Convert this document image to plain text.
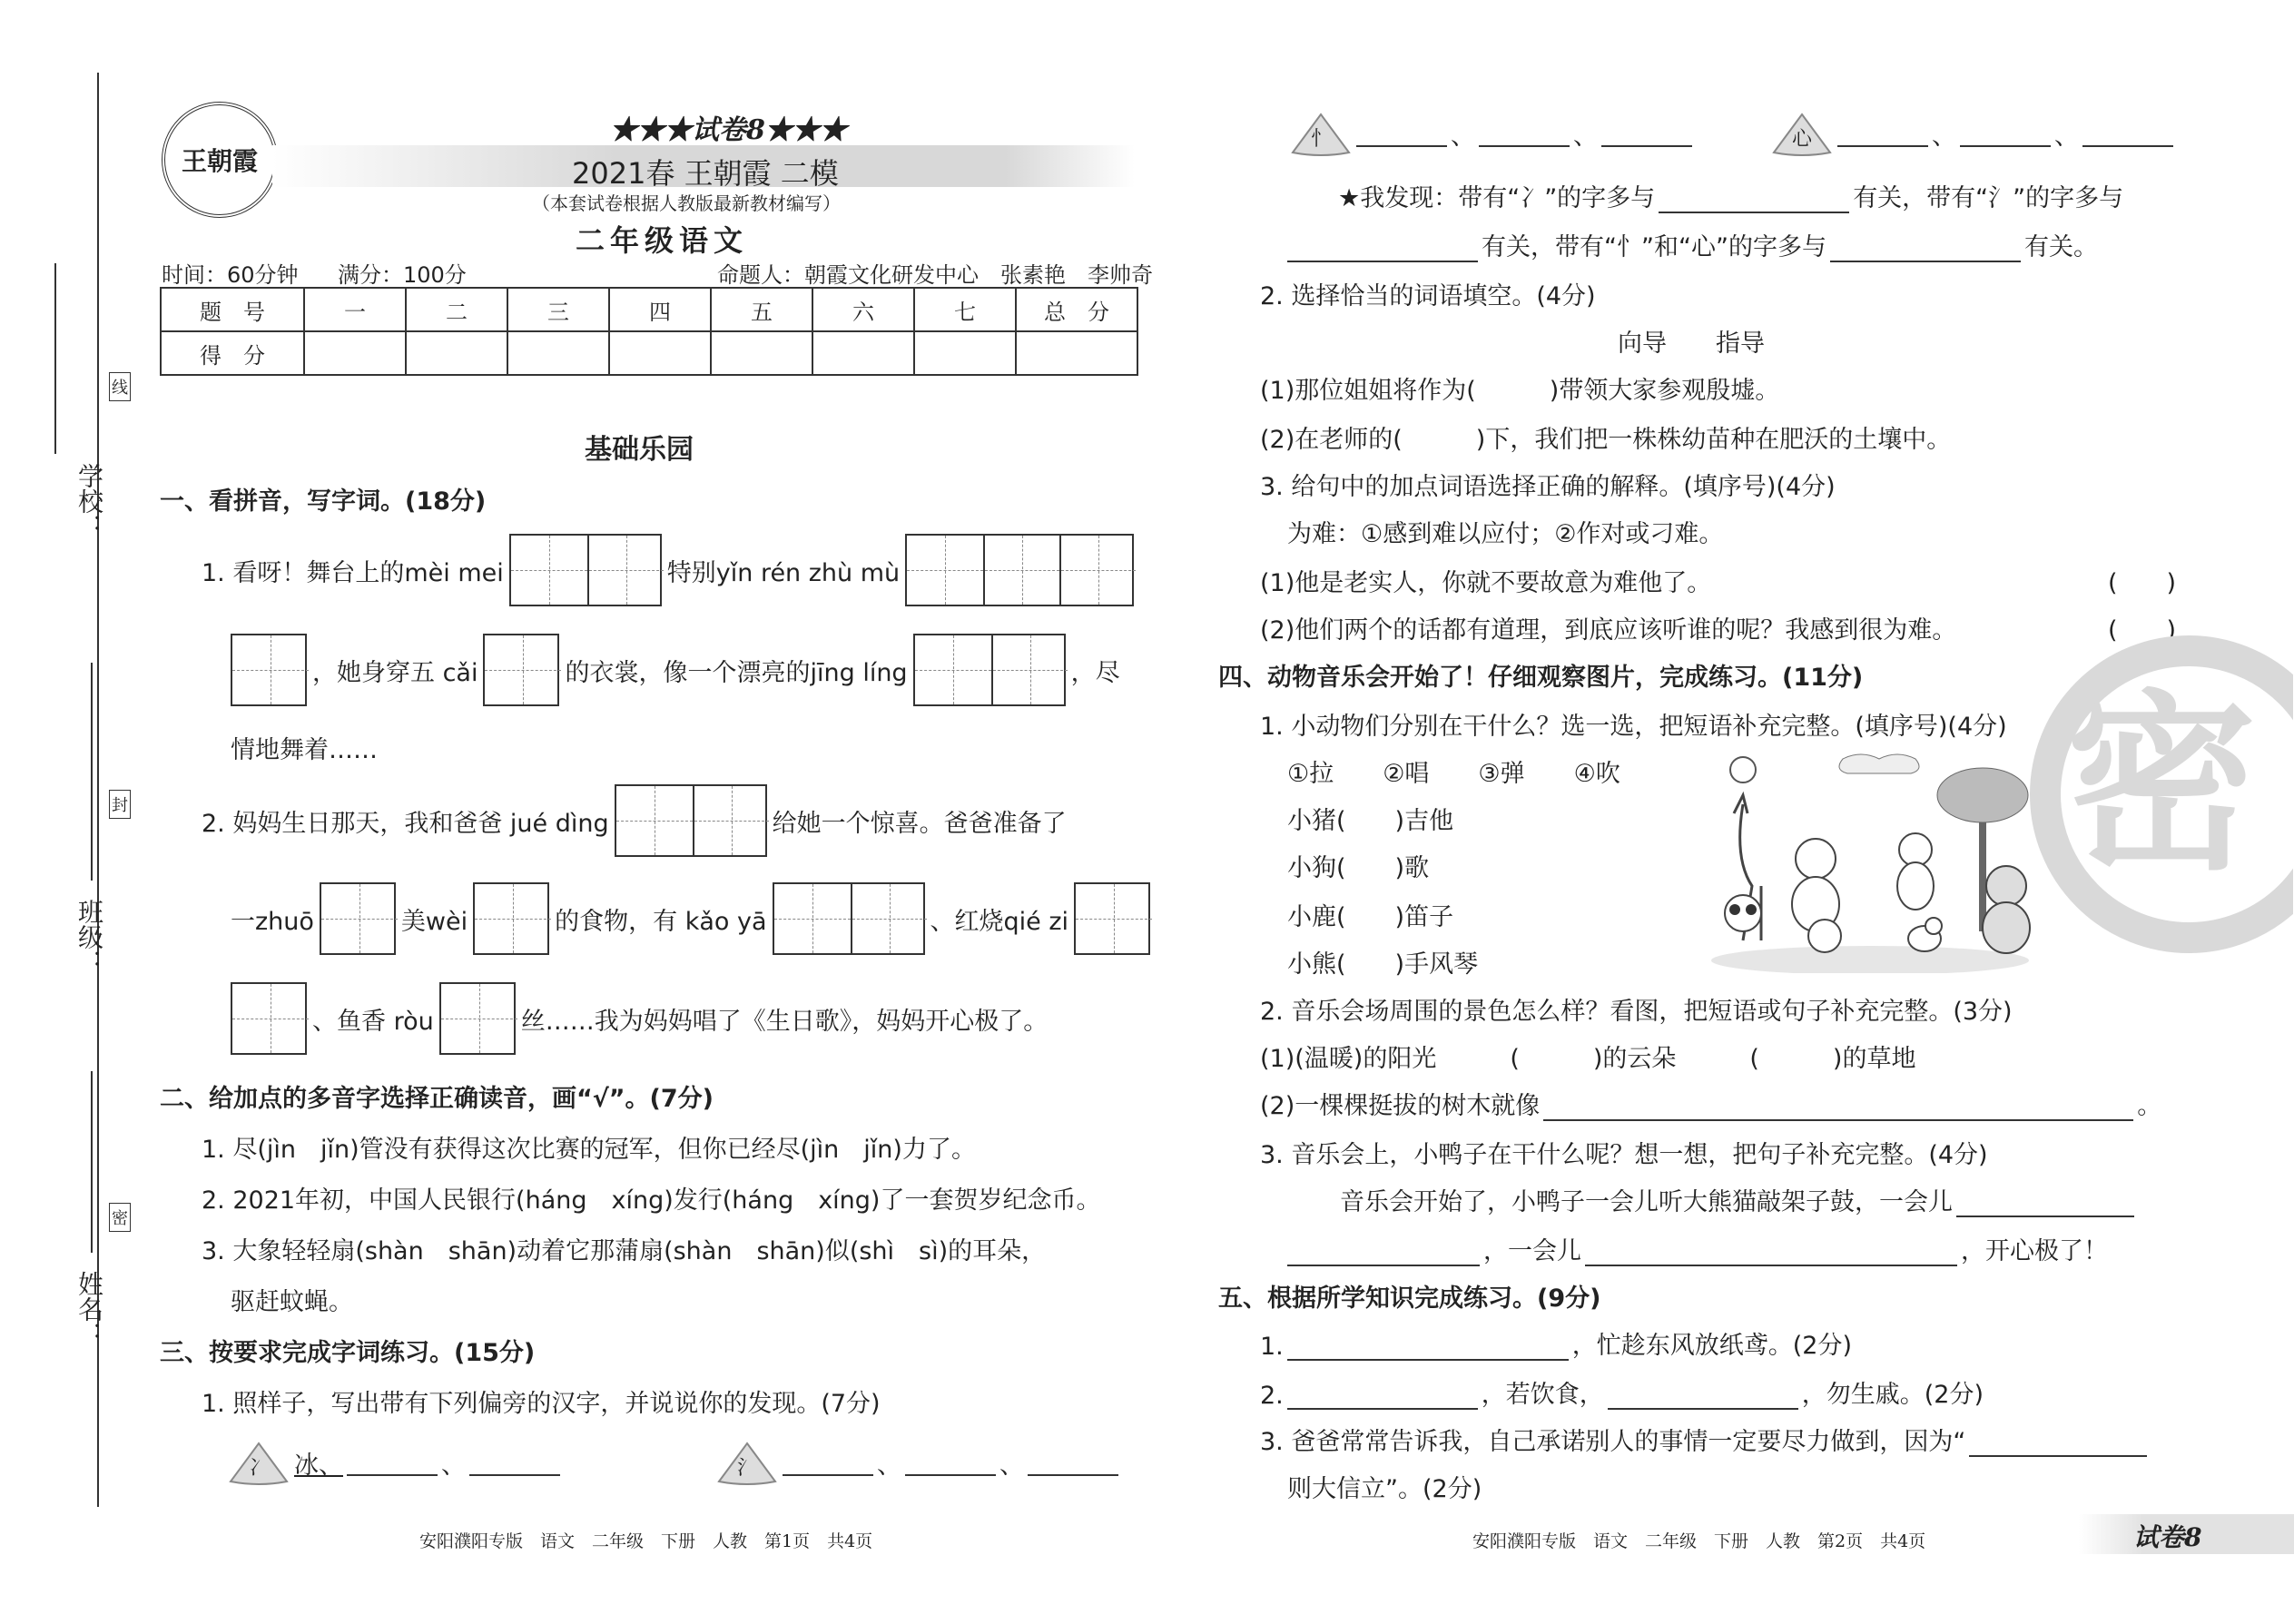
学校：
班级：
姓名：
线
封
密
王朝霞
★★★试卷8★★★
2021春 王朝霞 二模
（本套试卷根据人教版最新教材编写）
二年级语文
时间：60分钟 满分：100分	命题人：朝霞文化研发中心　张素艳　李帅奇
题　号	一	二	三	四	五	六	七	总　分
得　分								
基础乐园
一、看拼音，写字词。(18分)
1. 看呀！舞台上的mèi mei	特别yǐn rén zhù mù
，她身穿五 cǎi	的衣裳，像一个漂亮的jīng líng	，尽
情地舞着……
2. 妈妈生日那天，我和爸爸 jué dìng	给她一个惊喜。爸爸准备了
一zhuō	美wèi	的食物，有 kǎo yā	、红烧qié zi
、鱼香 ròu	丝……我为妈妈唱了《生日歌》，妈妈开心极了。
二、给加点的多音字选择正确读音，画“√”。(7分)
1. 尽(jìn　jǐn)管没有获得这次比赛的冠军，但你已经尽(jìn　jǐn)力了。
2. 2021年初，中国人民银行(háng　xíng)发行(háng　xíng)了一套贺岁纪念币。
3. 大象轻轻扇(shàn　shān)动着它那蒲扇(shàn　shān)似(shì　sì)的耳朵，
驱赶蚊蝇。
三、按要求完成字词练习。(15分)
1. 照样子，写出带有下列偏旁的汉字，并说说你的发现。(7分)
冫	冰、	、	氵	、	、
安阳濮阳专版　语文　二年级　下册　人教　第1页　共4页
忄	、	、	心	、	、
★我发现：带有“冫”的字多与	有关，带有“氵”的字多与
有关，带有“忄”和“心”的字多与	有关。
2. 选择恰当的词语填空。(4分)
向导　　指导
(1)那位姐姐将作为(　　　)带领大家参观殷墟。
(2)在老师的(　　　)下，我们把一株株幼苗种在肥沃的土壤中。
3. 给句中的加点词语选择正确的解释。(填序号)(4分)
为难：①感到难以应付；②作对或刁难。
(1)他是老实人，你就不要故意为难他了。	(　　)
(2)他们两个的话都有道理，到底应该听谁的呢？我感到很为难。	(　　)
密
四、动物音乐会开始了！仔细观察图片，完成练习。(11分)
1. 小动物们分别在干什么？选一选，把短语补充完整。(填序号)(4分)
①拉　　②唱　　③弹　　④吹
小猪(　　)吉他
小狗(　　)歌
小鹿(　　)笛子
小熊(　　)手风琴
2. 音乐会场周围的景色怎么样？看图，把短语或句子补充完整。(3分)
(1)(温暖)的阳光　　　(　　　)的云朵　　　(　　　)的草地
(2)一棵棵挺拔的树木就像	。
3. 音乐会上，小鸭子在干什么呢？想一想，把句子补充完整。(4分)
音乐会开始了，小鸭子一会儿听大熊猫敲架子鼓，一会儿
，一会儿	，开心极了！
五、根据所学知识完成练习。(9分)
1.	，忙趁东风放纸鸢。(2分)
2.	，若饮食，	，勿生戚。(2分)
3. 爸爸常常告诉我，自己承诺别人的事情一定要尽力做到，因为“
则大信立”。(2分)
安阳濮阳专版　语文　二年级　下册　人教　第2页　共4页	试卷8
